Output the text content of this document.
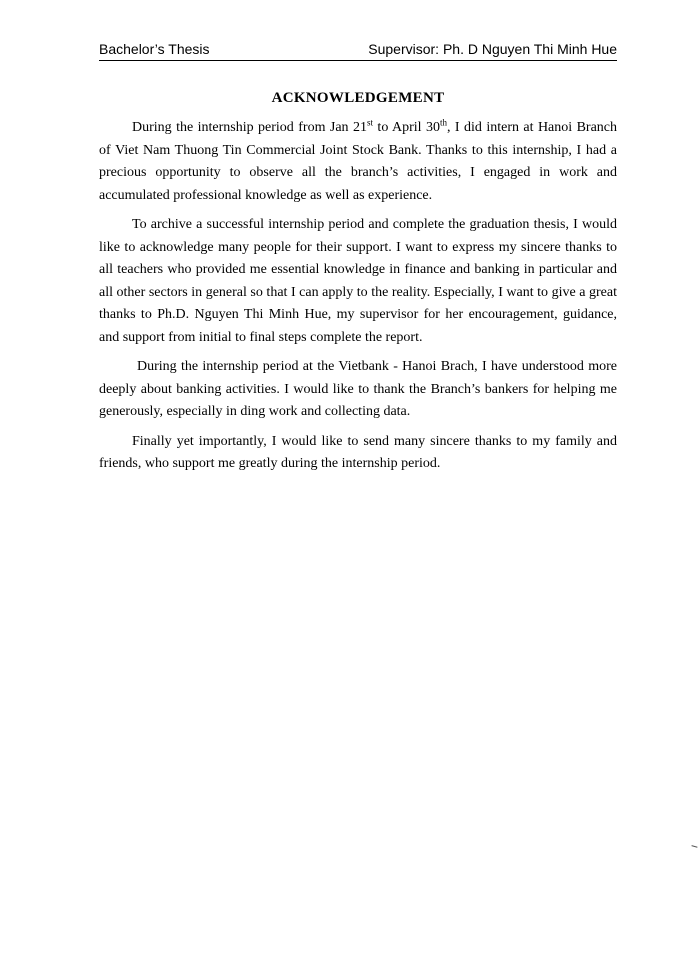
Bachelor’s Thesis	Supervisor: Ph. D Nguyen Thi Minh Hue
ACKNOWLEDGEMENT

During the internship period from Jan 21st to April 30th, I did intern at Hanoi Branch of Viet Nam Thuong Tin Commercial Joint Stock Bank. Thanks to this internship, I had a precious opportunity to observe all the branch’s activities, I engaged in work and accumulated professional knowledge as well as experience.

To archive a successful internship period and complete the graduation thesis, I would like to acknowledge many people for their support. I want to express my sincere thanks to all teachers who provided me essential knowledge in finance and banking in particular and all other sectors in general so that I can apply to the reality. Especially, I want to give a great thanks to Ph.D. Nguyen Thi Minh Hue, my supervisor for her encouragement, guidance, and support from initial to final steps complete the report.

During the internship period at the Vietbank - Hanoi Brach, I have understood more deeply about banking activities. I would like to thank the Branch’s bankers for helping me generously, especially in ding work and collecting data.

Finally yet importantly, I would like to send many sincere thanks to my family and friends, who support me greatly during the internship period.
